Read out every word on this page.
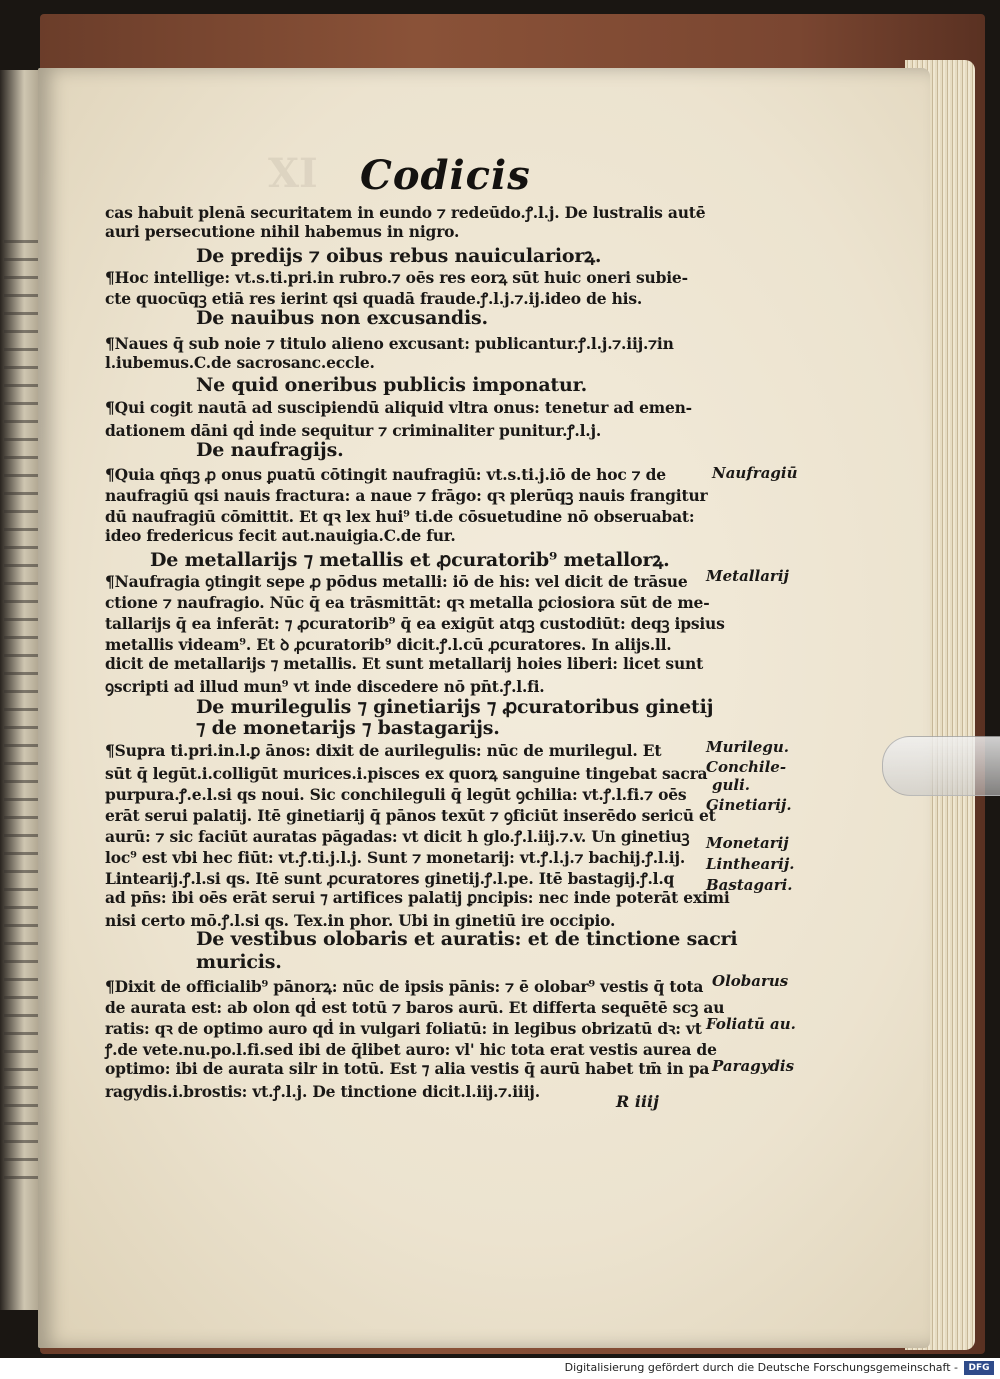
XI Codicis
cas habuit plenā securitatem in eundo ⁊ redeūdo.ꝭ.l.j. De lustralis autē
auri persecutione nihil habemus in nigro.
De predijs ⁊ oibus rebus nauiculariorꝝ.
¶Hoc intellige: vt.s.ti.pri.in rubro.⁊ oēs res eorꝝ sūt huic oneri subie-
cte quocūqꝫ etiā res ierint qsi quadā fraude.ꝭ.l.j.⁊.ij.ideo de his.
De nauibus non excusandis.
¶Naues q̄ sub noie ⁊ titulo alieno excusant: publicantur.ꝭ.l.j.⁊.iij.⁊in
l.iubemus.C.de sacrosanc.eccle.
Ne quid oneribus publicis imponatur.
¶Qui cogit nautā ad suscipiendū aliquid vltra onus: tenetur ad emen-
dationem dāni qḋ inde sequitur ⁊ criminaliter punitur.ꝭ.l.j.
De naufragijs.
¶Quia qn̄qꝫ ꝓ onus ꝑuatū cōtingit naufragiū: vt.s.ti.j.iō de hoc ⁊ de
naufragiū qsi nauis fractura: a naue ⁊ frāgo: qꝛ plerūqꝫ nauis frangitur
dū naufragiū cōmittit. Et qꝛ lex hui⁹ ti.de cōsuetudine nō obseruabat:
ideo fredericus fecit aut.nauigia.C.de fur.
De metallarijs ⁊ metallis et ꝓcuratorib⁹ metallorꝝ.
¶Naufragia ꝯtingit sepe ꝓ pōdus metalli: iō de his: vel dicit de trāsue
ctione ⁊ naufragio. Nūc q̄ ea trāsmittāt: qꝛ metalla ꝑciosiora sūt de me-
tallarijs q̄ ea inferāt: ⁊ ꝓcuratorib⁹ q̄ ea exigūt atqꝫ custodiūt: deqꝫ ipsius
metallis videam⁹. Et ꝺ ꝓcuratorib⁹ dicit.ꝭ.l.cū ꝓcuratores. In alijs.ll.
dicit de metallarijs ⁊ metallis. Et sunt metallarij hoies liberi: licet sunt
ꝯscripti ad illud mun⁹ vt inde discedere nō pn̄t.ꝭ.l.fi.
De murilegulis ⁊ ginetiarijs ⁊ ꝓcuratoribus ginetij
⁊ de monetarijs ⁊ bastagarijs.
¶Supra ti.pri.in.l.ꝑ ānos: dixit de aurilegulis: nūc de murilegul. Et
sūt q̄ legūt.i.colligūt murices.i.pisces ex quorꝝ sanguine tingebat sacra
purpura.ꝭ.e.l.si qs noui. Sic conchileguli q̄ legūt ꝯchilia: vt.ꝭ.l.fi.⁊ oēs
erāt serui palatij. Itē ginetiarij q̄ pānos texūt ⁊ ꝯficiūt inserēdo sericū et
aurū: ⁊ sic faciūt auratas pāgadas: vt dicit h glo.ꝭ.l.iij.⁊.v. Un ginetiuꝫ
loc⁹ est vbi hec fiūt: vt.ꝭ.ti.j.l.j. Sunt ⁊ monetarij: vt.ꝭ.l.j.⁊ bachij.ꝭ.l.ij.
Lintearij.ꝭ.l.si qs. Itē sunt ꝓcuratores ginetij.ꝭ.l.pe. Itē bastagij.ꝭ.l.q
ad pn̄s: ibi oēs erāt serui ⁊ artifices palatij ꝑncipis: nec inde poterāt eximi
nisi certo mō.ꝭ.l.si qs. Tex.in phor. Ubi in ginetiū ire occipio.
De vestibus olobaris et auratis: et de tinctione sacri
muricis.
¶Dixit de officialib⁹ pānorꝝ: nūc de ipsis pānis: ⁊ ē olobar⁹ vestis q̄ tota
de aurata est: ab olon qḋ est totū ⁊ baros aurū. Et differta sequētē scꝫ au
ratis: qꝛ de optimo auro qḋ in vulgari foliatū: in legibus obrizatū dꝛ: vt
ꝭ.de vete.nu.po.l.fi.sed ibi de q̄libet auro: vl' hic tota erat vestis aurea de
optimo: ibi de aurata silr in totū. Est ⁊ alia vestis q̄ aurū habet tm̄ in pa
ragydis.i.brostis: vt.ꝭ.l.j. De tinctione dicit.l.iij.⁊.iiij.
Naufragiū
Metallarij
Murilegu.
Conchile-
guli.
Ginetiarij.
Monetarij
Linthearij.
Bastagari.
Olobarus
Foliatū au.
Paragydis
R iiij
Digitalisierung gefördert durch die Deutsche Forschungsgemeinschaft -	DFG
